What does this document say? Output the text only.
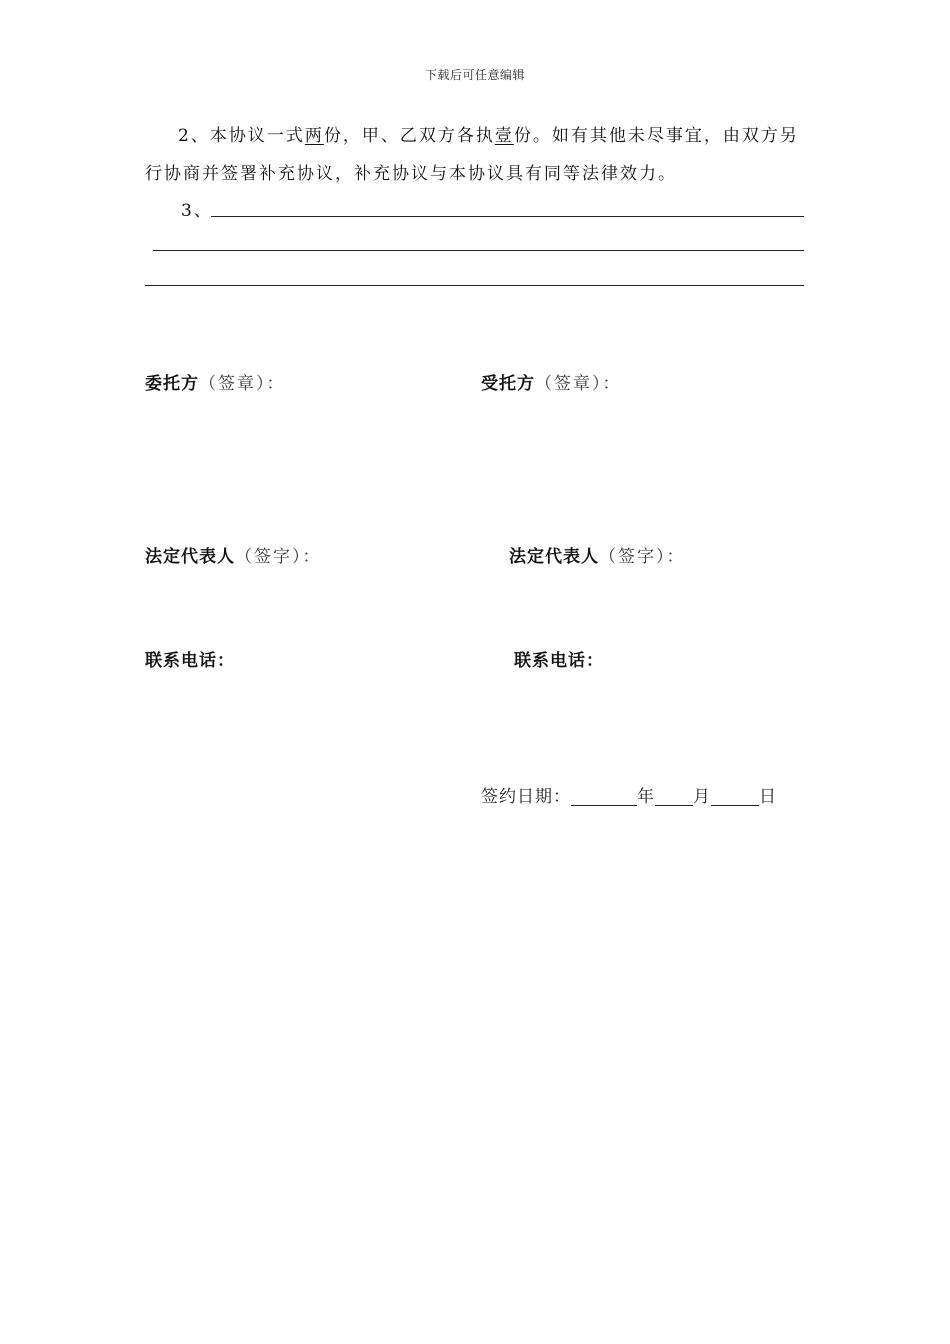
下载后可任意编辑
2、本协议一式两份，甲、乙双方各执壹份。如有其他未尽事宜，由双方另行协商并签署补充协议，补充协议与本协议具有同等法律效力。
3、
委托方（签章）：	受托方（签章）：
法定代表人（签字）：	法定代表人（签字）：
联系电话：	联系电话：
签约日期：	年 月	日
